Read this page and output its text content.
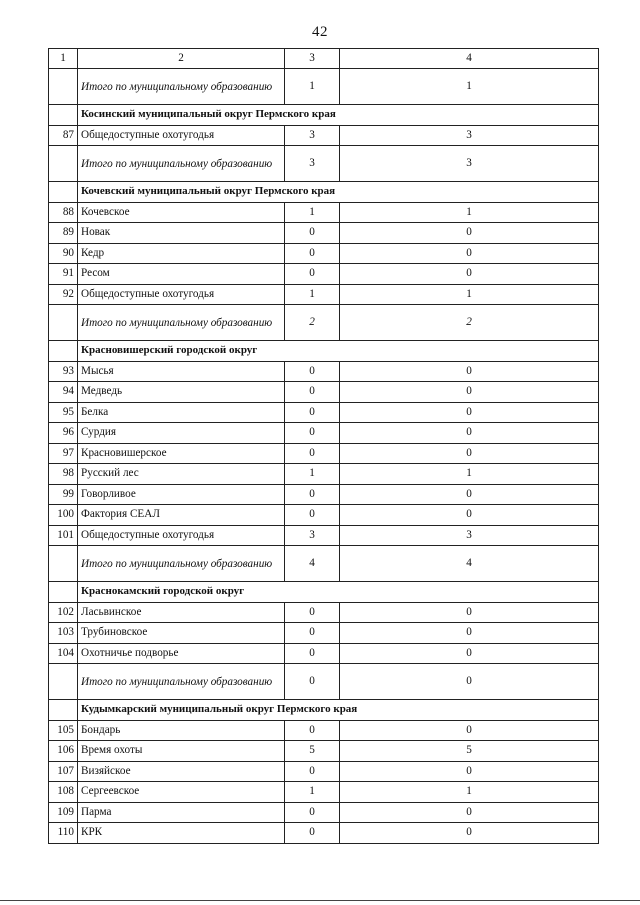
42
1	2	3	4
	Итого по муниципальному образованию	1	1
	Косинский муниципальный округ Пермского края		
87	Общедоступные охотугодья	3	3
	Итого по муниципальному образованию	3	3
	Кочевский муниципальный округ Пермского края		
88	Кочевское	1	1
89	Новак	0	0
90	Кедр	0	0
91	Ресом	0	0
92	Общедоступные охотугодья	1	1
	Итого по муниципальному образованию	2	2
	Красновишерский городской округ		
93	Мысья	0	0
94	Медведь	0	0
95	Белка	0	0
96	Сурдия	0	0
97	Красновишерское	0	0
98	Русский лес	1	1
99	Говорливое	0	0
100	Фактория СЕАЛ	0	0
101	Общедоступные охотугодья	3	3
	Итого по муниципальному образованию	4	4
	Краснокамский городской округ		
102	Ласьвинское	0	0
103	Трубиновское	0	0
104	Охотничье подворье	0	0
	Итого по муниципальному образованию	0	0
	Кудымкарский муниципальный округ Пермского края		
105	Бондарь	0	0
106	Время охоты	5	5
107	Визяйское	0	0
108	Сергеевское	1	1
109	Парма	0	0
110	КРК	0	0
